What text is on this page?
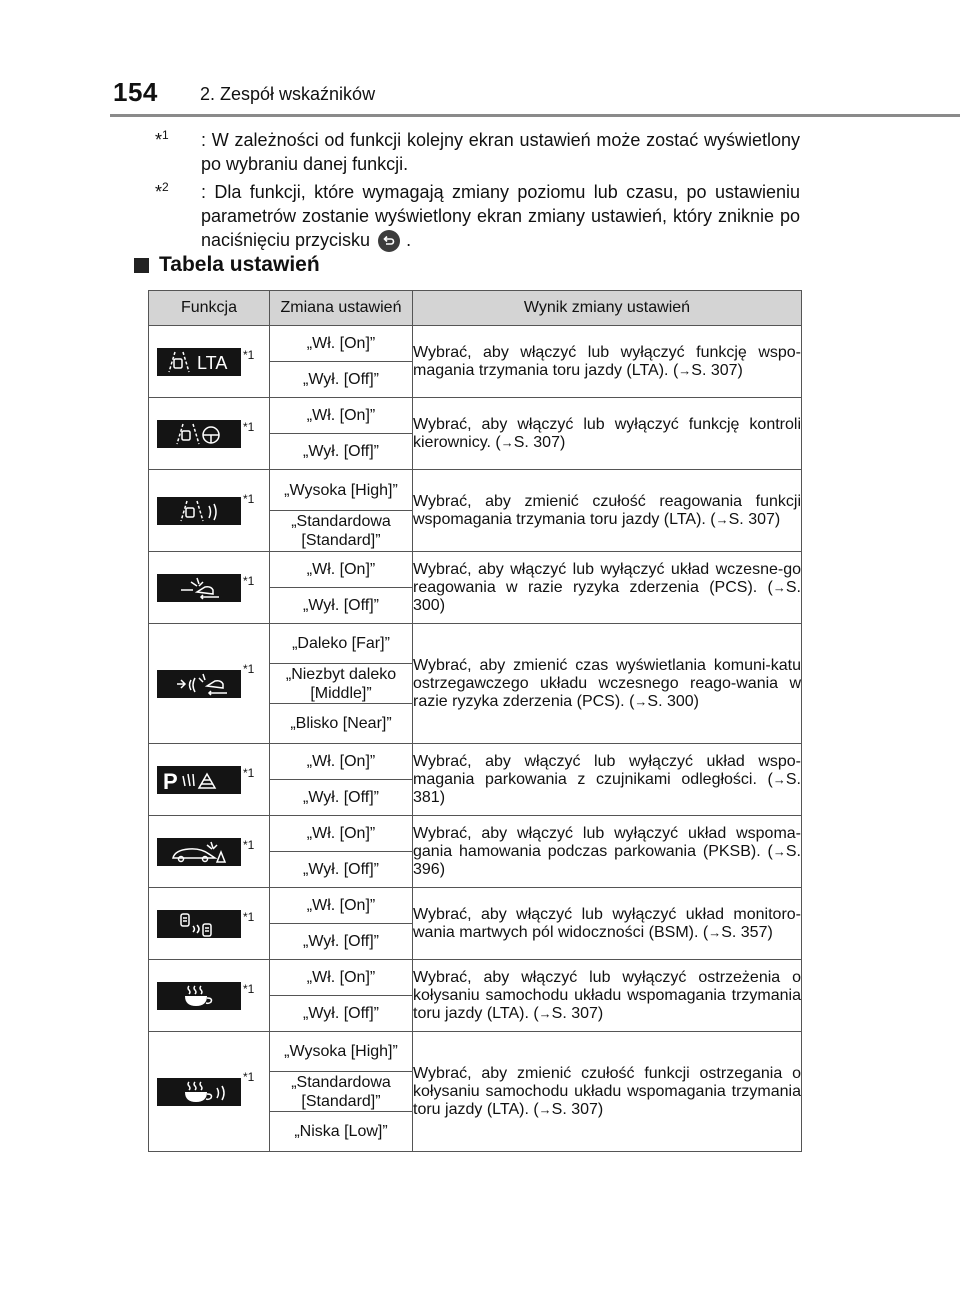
154 2. Zespół wskaźników
*$^1$	: W zależności od funkcji kolejny ekran ustawień może zostać wyświetlony po wybraniu danej funkcji.
*$^2$	: Dla funkcji, które wymagają zmiany poziomu lub czasu, po ustawieniu parametrów zostanie wyświetlony ekran zmiany ustawień, który zniknie po naciśnięciu przycisku .
Tabela ustawień
Funkcja	Zmiana ustawień	Wynik zmiany ustawień

LTA *1	„Wł. [On]”	Wybrać, aby włączyć lub wyłączyć funkcję wspo-magania trzymania toru jazdy (LTA). (→S. 307)
	„Wył. [Off]”	

*1	„Wł. [On]”	Wybrać, aby włączyć lub wyłączyć funkcję kontroli kierownicy. (→S. 307)
	„Wył. [Off]”	

*1	„Wysoka [High]”	Wybrać, aby zmienić czułość reagowania funkcji wspomagania trzymania toru jazdy (LTA). (→S. 307)
	„Standardowa [Standard]”	

*1	„Wł. [On]”	Wybrać, aby włączyć lub wyłączyć układ wczesne-go reagowania w razie ryzyka zderzenia (PCS). (→S. 300)
	„Wył. [Off]”	

*1	„Daleko [Far]”	Wybrać, aby zmienić czas wyświetlania komuni-katu ostrzegawczego układu wczesnego reago-wania w razie ryzyka zderzenia (PCS). (→S. 300)
	„Niezbyt daleko [Middle]”	
	„Blisko [Near]”	

P *1	„Wł. [On]”	Wybrać, aby włączyć lub wyłączyć układ wspo-magania parkowania z czujnikami odległości. (→S. 381)
	„Wył. [Off]”	

*1	„Wł. [On]”	Wybrać, aby włączyć lub wyłączyć układ wspoma-gania hamowania podczas parkowania (PKSB). (→S. 396)
	„Wył. [Off]”	

*1	„Wł. [On]”	Wybrać, aby włączyć lub wyłączyć układ monitoro-wania martwych pól widoczności (BSM). (→S. 357)
	„Wył. [Off]”	

*1	„Wł. [On]”	Wybrać, aby włączyć lub wyłączyć ostrzeżenia o kołysaniu samochodu układu wspomagania trzymania toru jazdy (LTA). (→S. 307)
	„Wył. [Off]”	

*1	„Wysoka [High]”	Wybrać, aby zmienić czułość funkcji ostrzegania o kołysaniu samochodu układu wspomagania trzymania toru jazdy (LTA). (→S. 307)
	„Standardowa [Standard]”	
	„Niska [Low]”	
